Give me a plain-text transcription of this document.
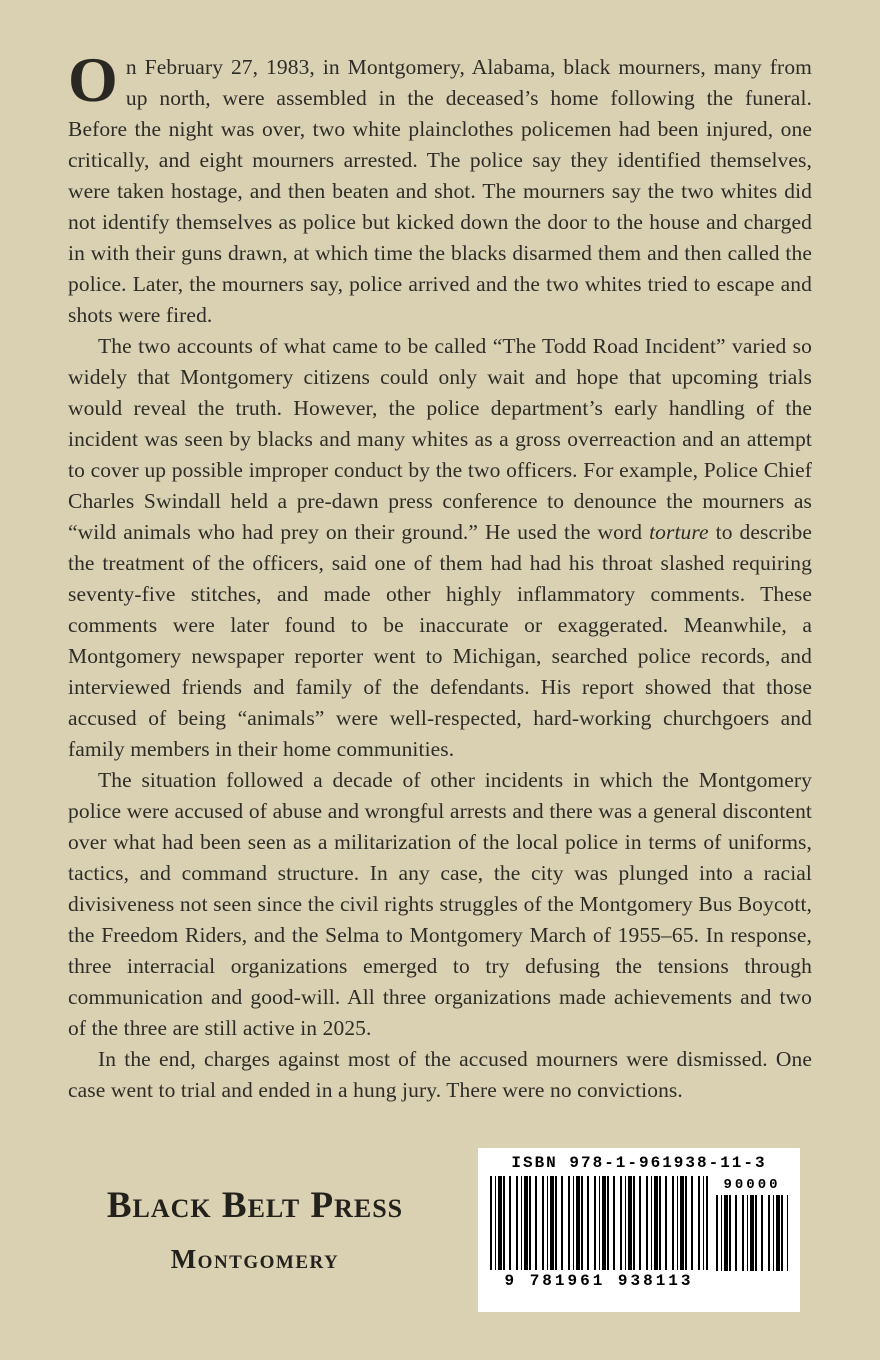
On February 27, 1983, in Montgomery, Alabama, black mourners, many from up north, were assembled in the deceased’s home following the funeral. Before the night was over, two white plainclothes policemen had been injured, one critically, and eight mourners arrested. The police say they identified themselves, were taken hostage, and then beaten and shot. The mourners say the two whites did not identify themselves as police but kicked down the door to the house and charged in with their guns drawn, at which time the blacks disarmed them and then called the police. Later, the mourners say, police arrived and the two whites tried to escape and shots were fired.

The two accounts of what came to be called “The Todd Road Incident” varied so widely that Montgomery citizens could only wait and hope that upcoming trials would reveal the truth. However, the police department’s early handling of the incident was seen by blacks and many whites as a gross overreaction and an attempt to cover up possible improper conduct by the two officers. For example, Police Chief Charles Swindall held a pre-dawn press conference to denounce the mourners as “wild animals who had prey on their ground.” He used the word torture to describe the treatment of the officers, said one of them had had his throat slashed requiring seventy-five stitches, and made other highly inflammatory comments. These comments were later found to be inaccurate or exaggerated. Meanwhile, a Montgomery newspaper reporter went to Michigan, searched police records, and interviewed friends and family of the defendants. His report showed that those accused of being “animals” were well-respected, hard-working churchgoers and family members in their home communities.

The situation followed a decade of other incidents in which the Montgomery police were accused of abuse and wrongful arrests and there was a general discontent over what had been seen as a militarization of the local police in terms of uniforms, tactics, and command structure. In any case, the city was plunged into a racial divisiveness not seen since the civil rights struggles of the Montgomery Bus Boycott, the Freedom Riders, and the Selma to Montgomery March of 1955–65. In response, three interracial organizations emerged to try defusing the tensions through communication and good-will. All three organizations made achievements and two of the three are still active in 2025.

In the end, charges against most of the accused mourners were dismissed. One case went to trial and ended in a hung jury. There were no convictions.

Black Belt Press
Montgomery
ISBN 978-1-961938-11-3
9 781961 938113
90000
